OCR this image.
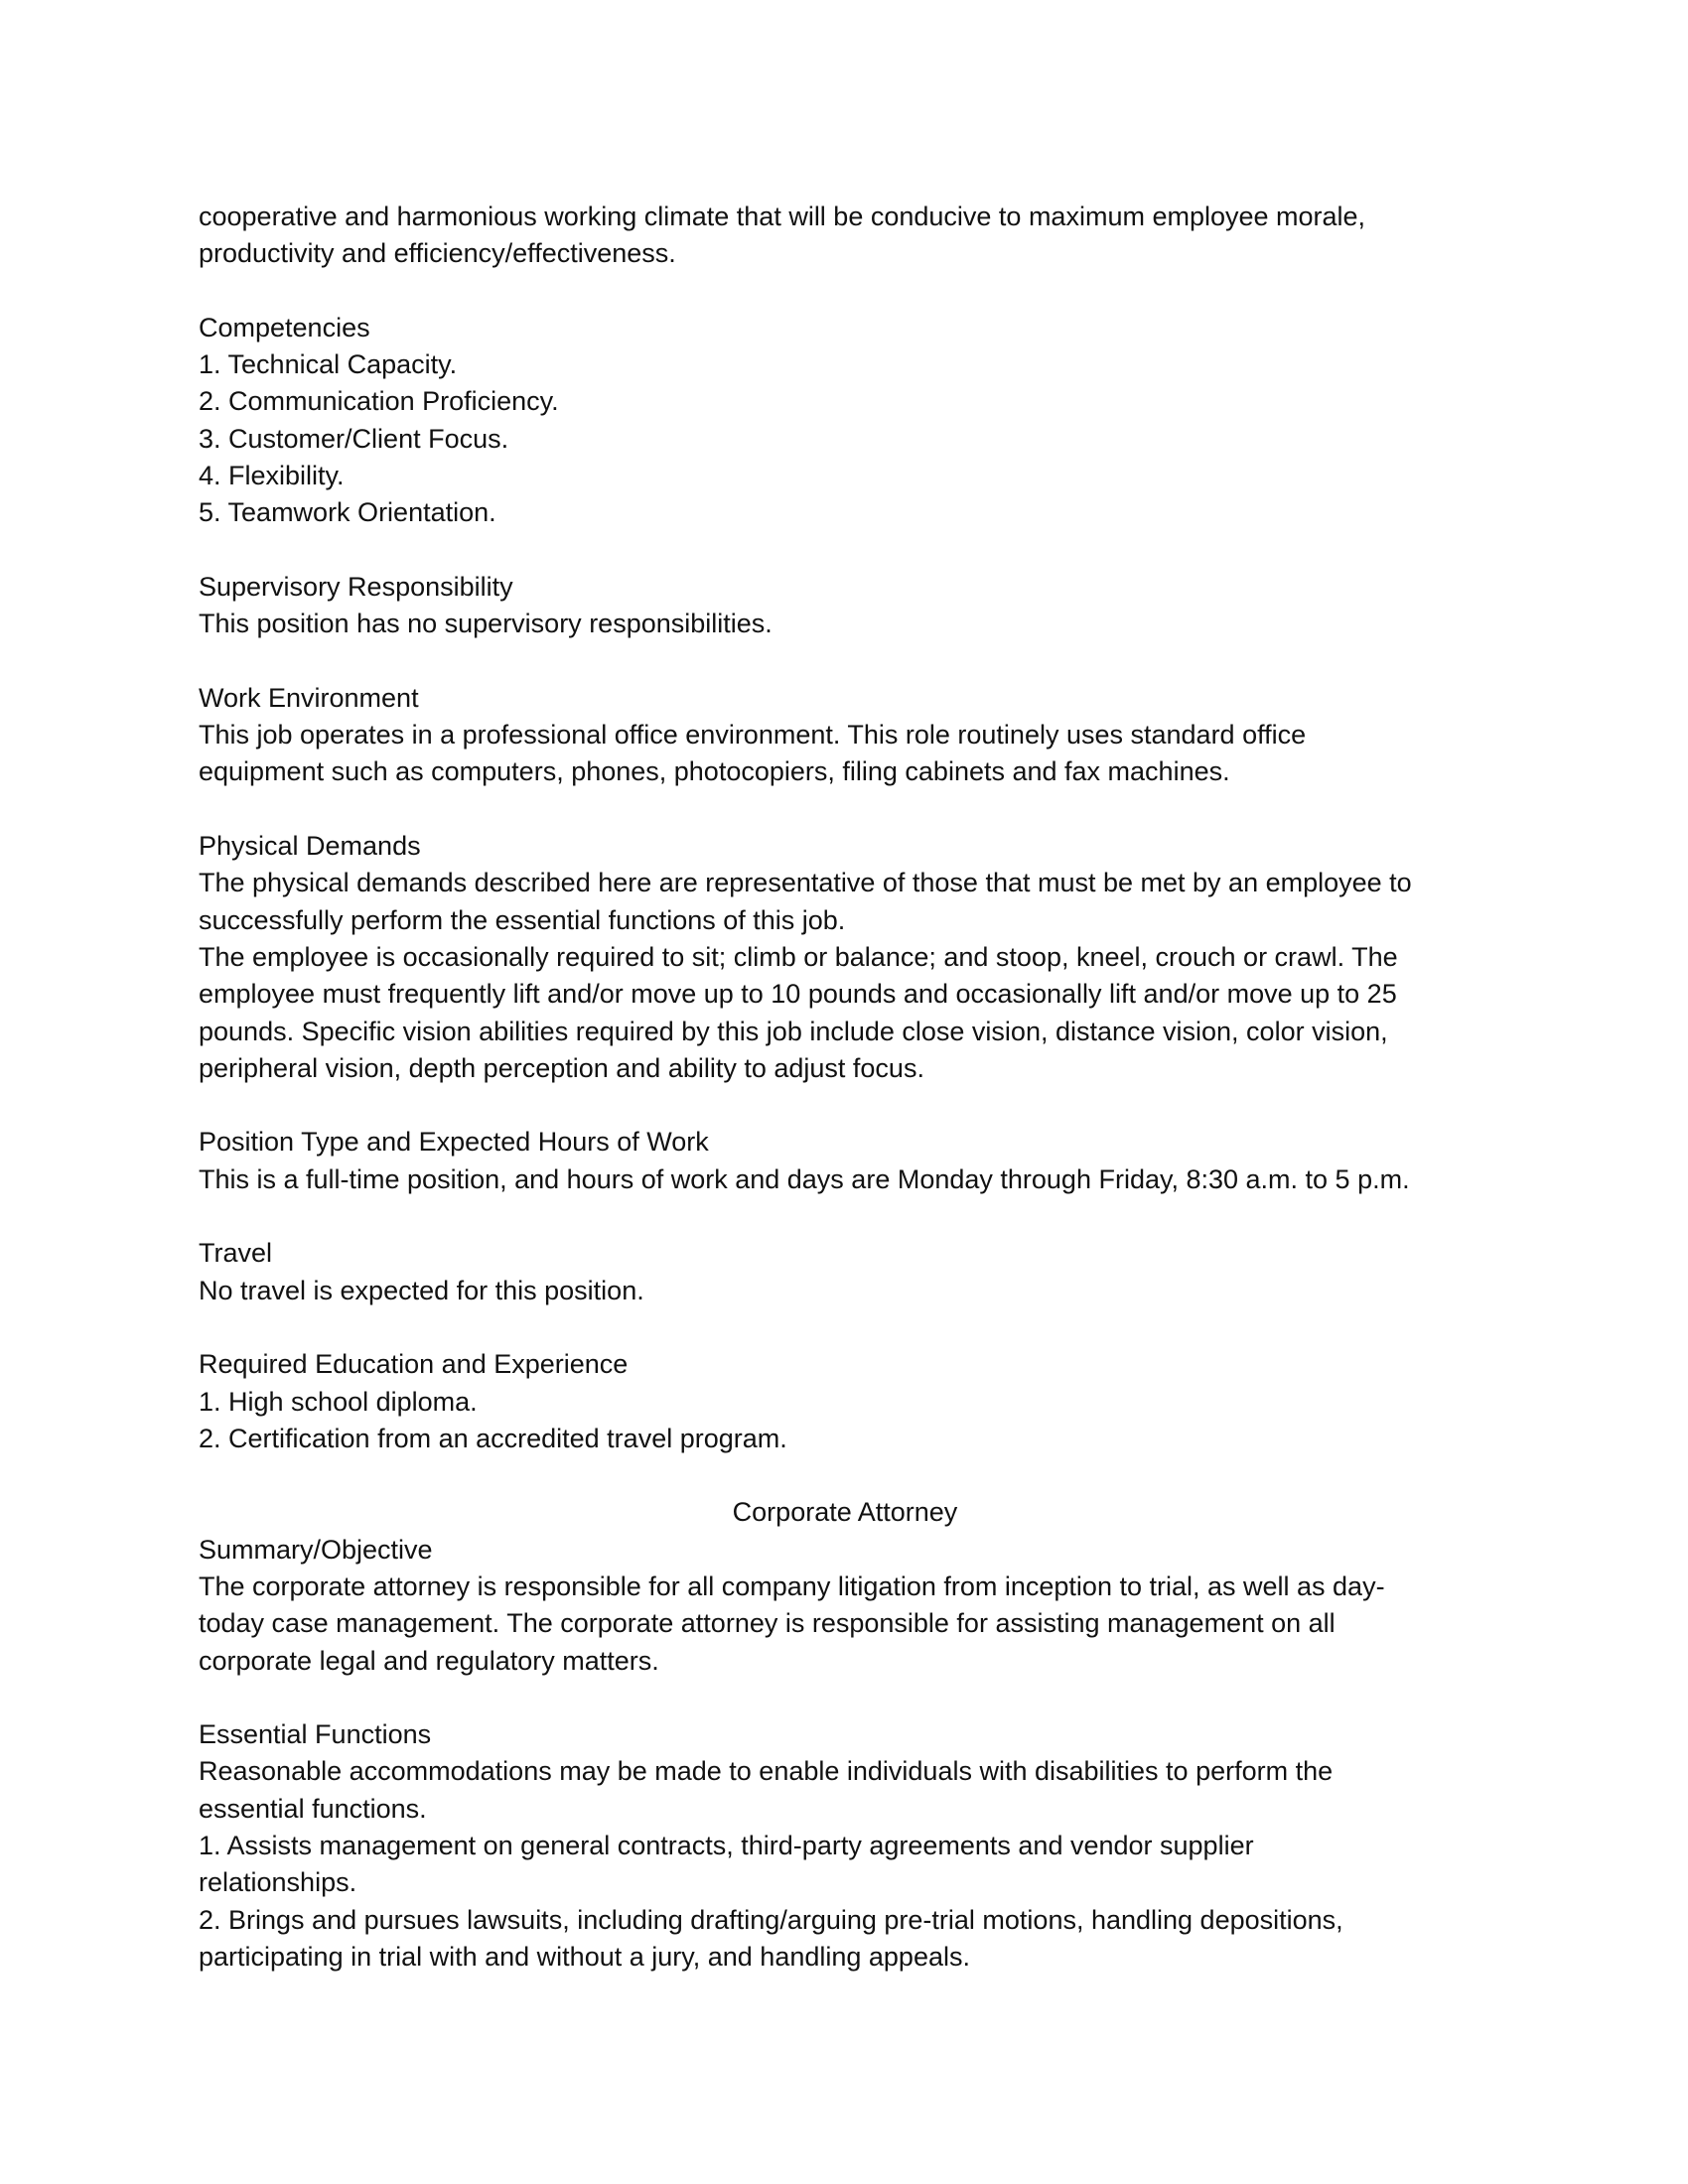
cooperative and harmonious working climate that will be conducive to maximum employee morale,

productivity and efficiency/effectiveness.

Competencies

1. Technical Capacity.

2. Communication Proficiency.

3. Customer/Client Focus.

4. Flexibility.

5. Teamwork Orientation.

Supervisory Responsibility

This position has no supervisory responsibilities.

Work Environment

This job operates in a professional office environment. This role routinely uses standard office

equipment such as computers, phones, photocopiers, filing cabinets and fax machines.

Physical Demands

The physical demands described here are representative of those that must be met by an employee to

successfully perform the essential functions of this job.

The employee is occasionally required to sit; climb or balance; and stoop, kneel, crouch or crawl. The

employee must frequently lift and/or move up to 10 pounds and occasionally lift and/or move up to 25

pounds. Specific vision abilities required by this job include close vision, distance vision, color vision,

peripheral vision, depth perception and ability to adjust focus.

Position Type and Expected Hours of Work

This is a full-time position, and hours of work and days are Monday through Friday, 8:30 a.m. to 5 p.m.

Travel

No travel is expected for this position.

Required Education and Experience

1. High school diploma.

2. Certification from an accredited travel program.

Corporate Attorney

Summary/Objective

The corporate attorney is responsible for all company litigation from inception to trial, as well as day-

today case management. The corporate attorney is responsible for assisting management on all

corporate legal and regulatory matters.

Essential Functions

Reasonable accommodations may be made to enable individuals with disabilities to perform the

essential functions.

1. Assists management on general contracts, third-party agreements and vendor supplier

relationships.

2. Brings and pursues lawsuits, including drafting/arguing pre-trial motions, handling depositions,

participating in trial with and without a jury, and handling appeals.
